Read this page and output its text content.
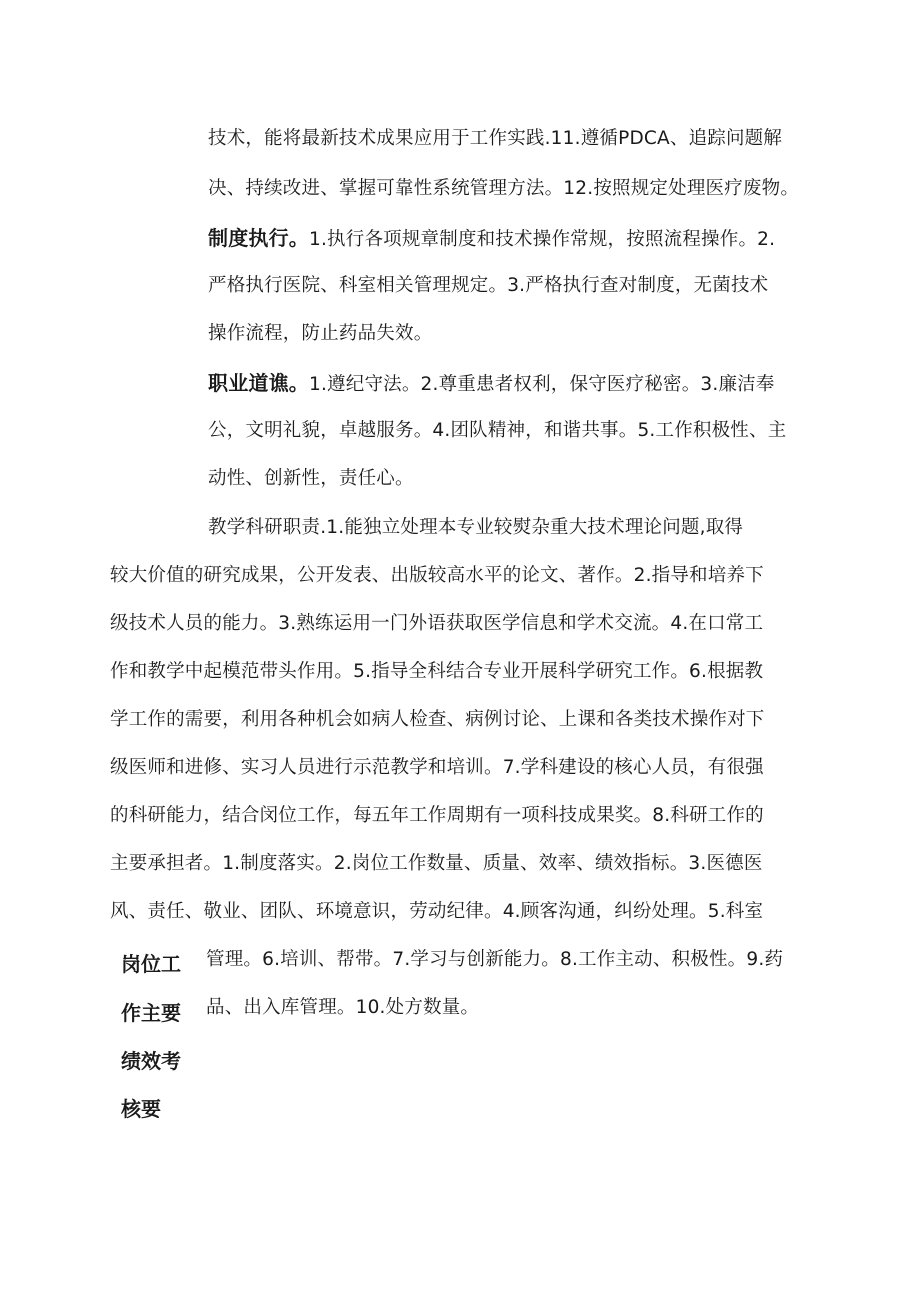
技术，能将最新技术成果应用于工作实践.11.遵循PDCA、追踪问题解
决、持续改进、掌握可靠性系统管理方法。12.按照规定处理医疗废物。
制度执行。1.执行各项规章制度和技术操作常规，按照流程操作。2.
严格执行医院、科室相关管理规定。3.严格执行查对制度，无菌技术
操作流程，防止药品失效。
职业道谯。1.遵纪守法。2.尊重患者权利，保守医疗秘密。3.廉洁奉
公，文明礼貌，卓越服务。4.团队精神，和谐共事。5.工作积极性、主
动性、创新性，责任心。
教学科研职责.1.能独立处理本专业较熨杂重大技术理论问题,取得
较大价值的研究成果，公开发表、出版较高水平的论文、著作。2.指导和培养下
级技术人员的能力。3.熟练运用一门外语获取医学信息和学术交流。4.在口常工
作和教学中起模范带头作用。5.指导全科结合专业开展科学研究工作。6.根据教
学工作的需要，利用各种机会如病人检查、病例讨论、上课和各类技术操作对下
级医师和进修、实习人员进行示范教学和培训。7.学科建设的核心人员，有很强
的科研能力，结合闵位工作，每五年工作周期有一项科技成果奖。8.科研工作的
主要承担者。1.制度落实。2.岗位工作数量、质量、效率、绩效指标。3.医德医
风、责任、敬业、团队、环境意识，劳动纪律。4.顾客沟通，纠纷处理。5.科室
管理。6.培训、帮带。7.学习与创新能力。8.工作主动、积极性。9.药
品、出入库管理。10.处方数量。
岗位工
作主要
绩效考
核要
